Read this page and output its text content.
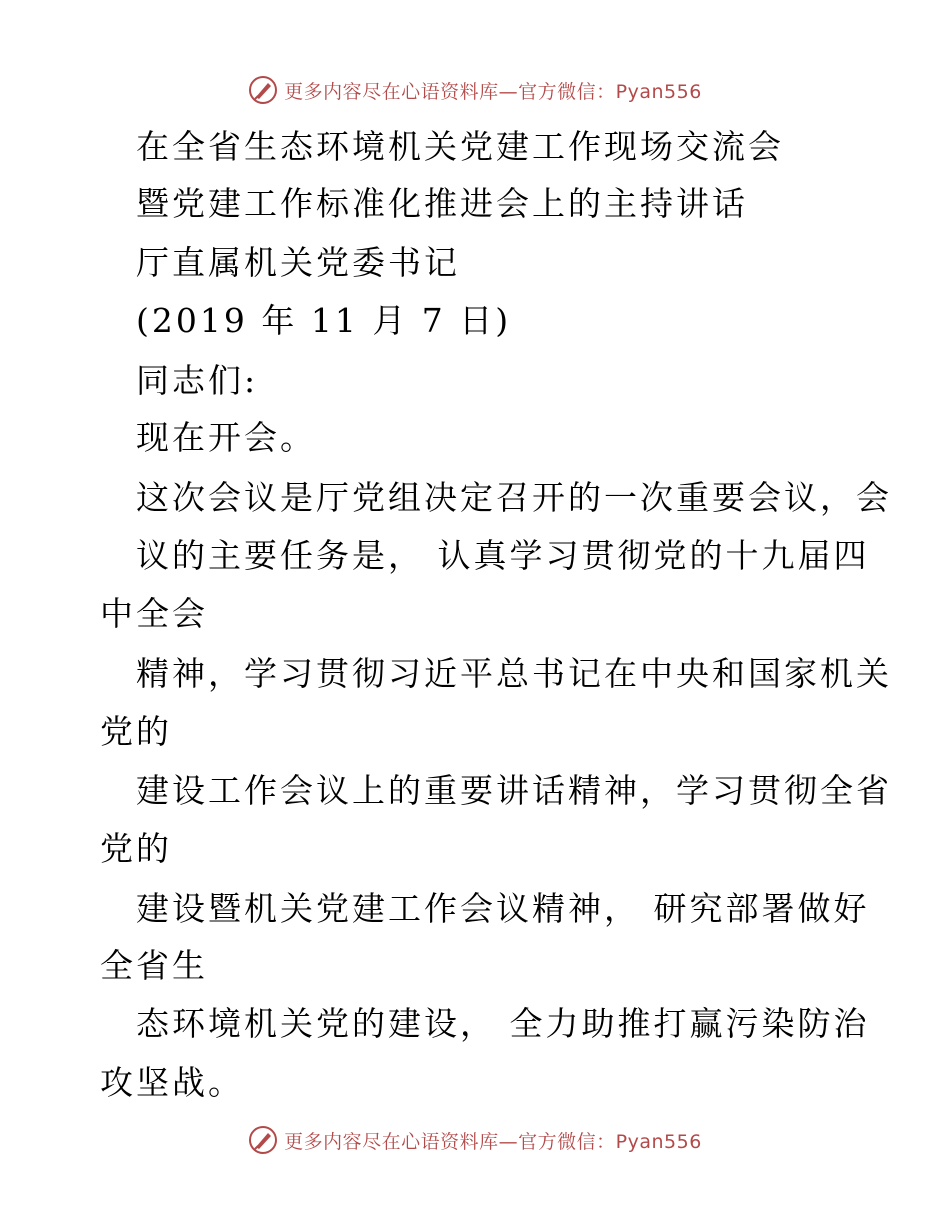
更多内容尽在心语资料库—官方微信：Pyan556
在全省生态环境机关党建工作现场交流会
暨党建工作标准化推进会上的主持讲话
厅直属机关党委书记
(2019 年 11 月 7 日)
同志们:
现在开会。
这次会议是厅党组决定召开的一次重要会议，会
议的主要任务是， 认真学习贯彻党的十九届四
中全会
精神，学习贯彻习近平总书记在中央和国家机关
党的
建设工作会议上的重要讲话精神，学习贯彻全省
党的
建设暨机关党建工作会议精神， 研究部署做好
全省生
态环境机关党的建设， 全力助推打赢污染防治
攻坚战。
更多内容尽在心语资料库—官方微信：Pyan556
